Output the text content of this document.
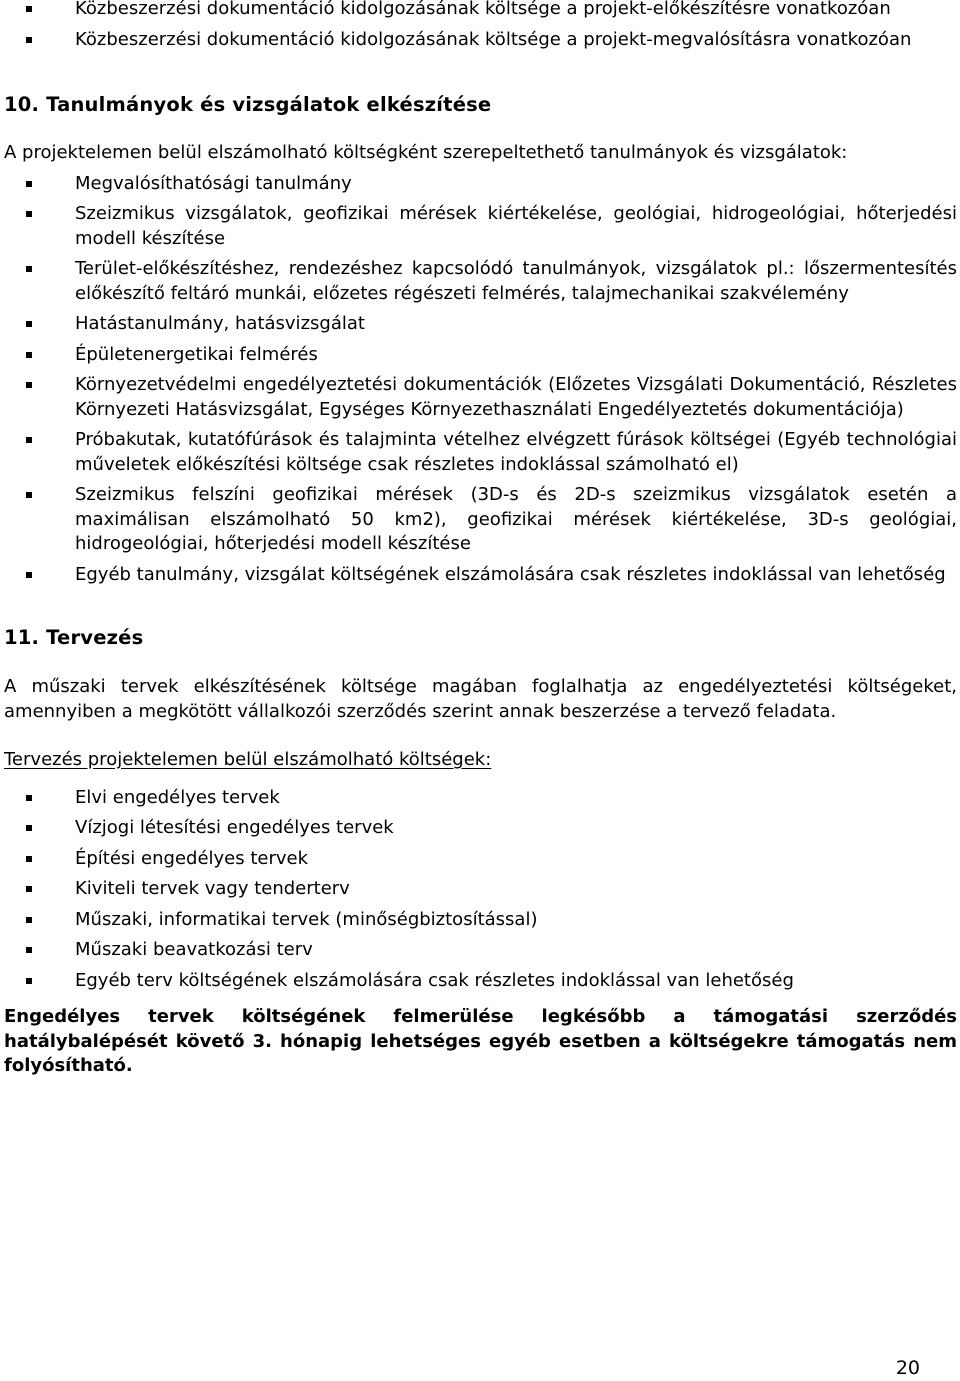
Közbeszerzési dokumentáció kidolgozásának költsége a projekt-előkészítésre vonatkozóan
Közbeszerzési dokumentáció kidolgozásának költsége a projekt-megvalósításra vonatkozóan
10. Tanulmányok és vizsgálatok elkészítése

A projektelemen belül elszámolható költségként szerepeltethető tanulmányok és vizsgálatok:

Megvalósíthatósági tanulmány
Szeizmikus vizsgálatok, geofizikai mérések kiértékelése, geológiai, hidrogeológiai, hőterjedési modell készítése
Terület-előkészítéshez, rendezéshez kapcsolódó tanulmányok, vizsgálatok pl.: lőszermentesítés előkészítő feltáró munkái, előzetes régészeti felmérés, talajmechanikai szakvélemény
Hatástanulmány, hatásvizsgálat
Épületenergetikai felmérés
Környezetvédelmi engedélyeztetési dokumentációk (Előzetes Vizsgálati Dokumentáció, Részletes Környezeti Hatásvizsgálat, Egységes Környezethasználati Engedélyeztetés dokumentációja)
Próbakutak, kutatófúrások és talajminta vételhez elvégzett fúrások költségei (Egyéb technológiai műveletek előkészítési költsége csak részletes indoklással számolható el)
Szeizmikus felszíni geofizikai mérések (3D-s és 2D-s szeizmikus vizsgálatok esetén a maximálisan elszámolható 50 km2), geofizikai mérések kiértékelése, 3D-s geológiai, hidrogeológiai, hőterjedési modell készítése
Egyéb tanulmány, vizsgálat költségének elszámolására csak részletes indoklással van lehetőség
11. Tervezés

A műszaki tervek elkészítésének költsége magában foglalhatja az engedélyeztetési költségeket, amennyiben a megkötött vállalkozói szerződés szerint annak beszerzése a tervező feladata.

Tervezés projektelemen belül elszámolható költségek:

Elvi engedélyes tervek
Vízjogi létesítési engedélyes tervek
Építési engedélyes tervek
Kiviteli tervek vagy tenderterv
Műszaki, informatikai tervek (minőségbiztosítással)
Műszaki beavatkozási terv
Egyéb terv költségének elszámolására csak részletes indoklással van lehetőség

Engedélyes tervek költségének felmerülése legkésőbb a támogatási szerződés hatálybalépését követő 3. hónapig lehetséges egyéb esetben a költségekre támogatás nem folyósítható.

20
